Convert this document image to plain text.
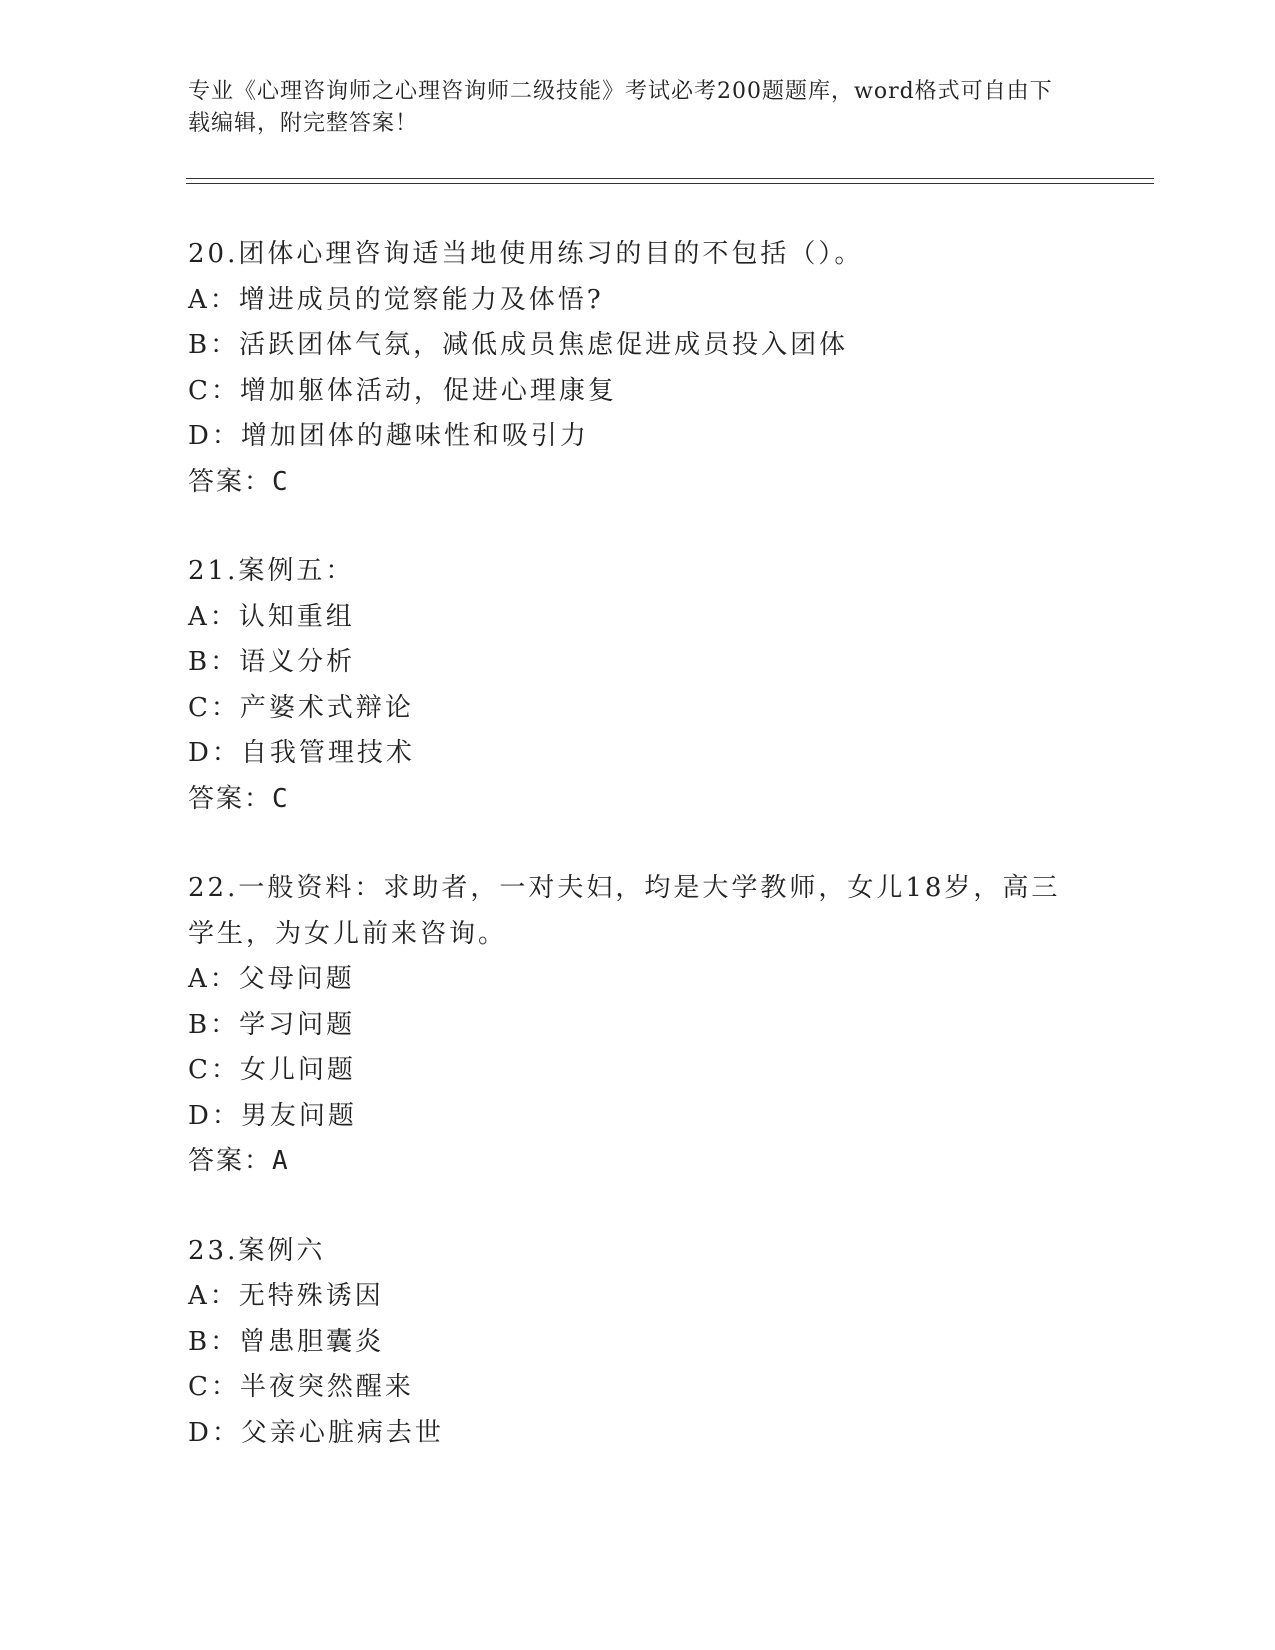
专业《心理咨询师之心理咨询师二级技能》考试必考200题题库，word格式可自由下载编辑，附完整答案！
20.团体心理咨询适当地使用练习的目的不包括（）。
A：增进成员的觉察能力及体悟?
B：活跃团体气氛，减低成员焦虑促进成员投入团体
C：增加躯体活动，促进心理康复
D：增加团体的趣味性和吸引力
答案：C
21.案例五：
A：认知重组
B：语义分析
C：产婆术式辩论
D：自我管理技术
答案：C
22.一般资料：求助者，一对夫妇，均是大学教师，女儿18岁，高三学生，为女儿前来咨询。
A：父母问题
B：学习问题
C：女儿问题
D：男友问题
答案：A
23.案例六
A：无特殊诱因
B：曾患胆囊炎
C：半夜突然醒来
D：父亲心脏病去世
